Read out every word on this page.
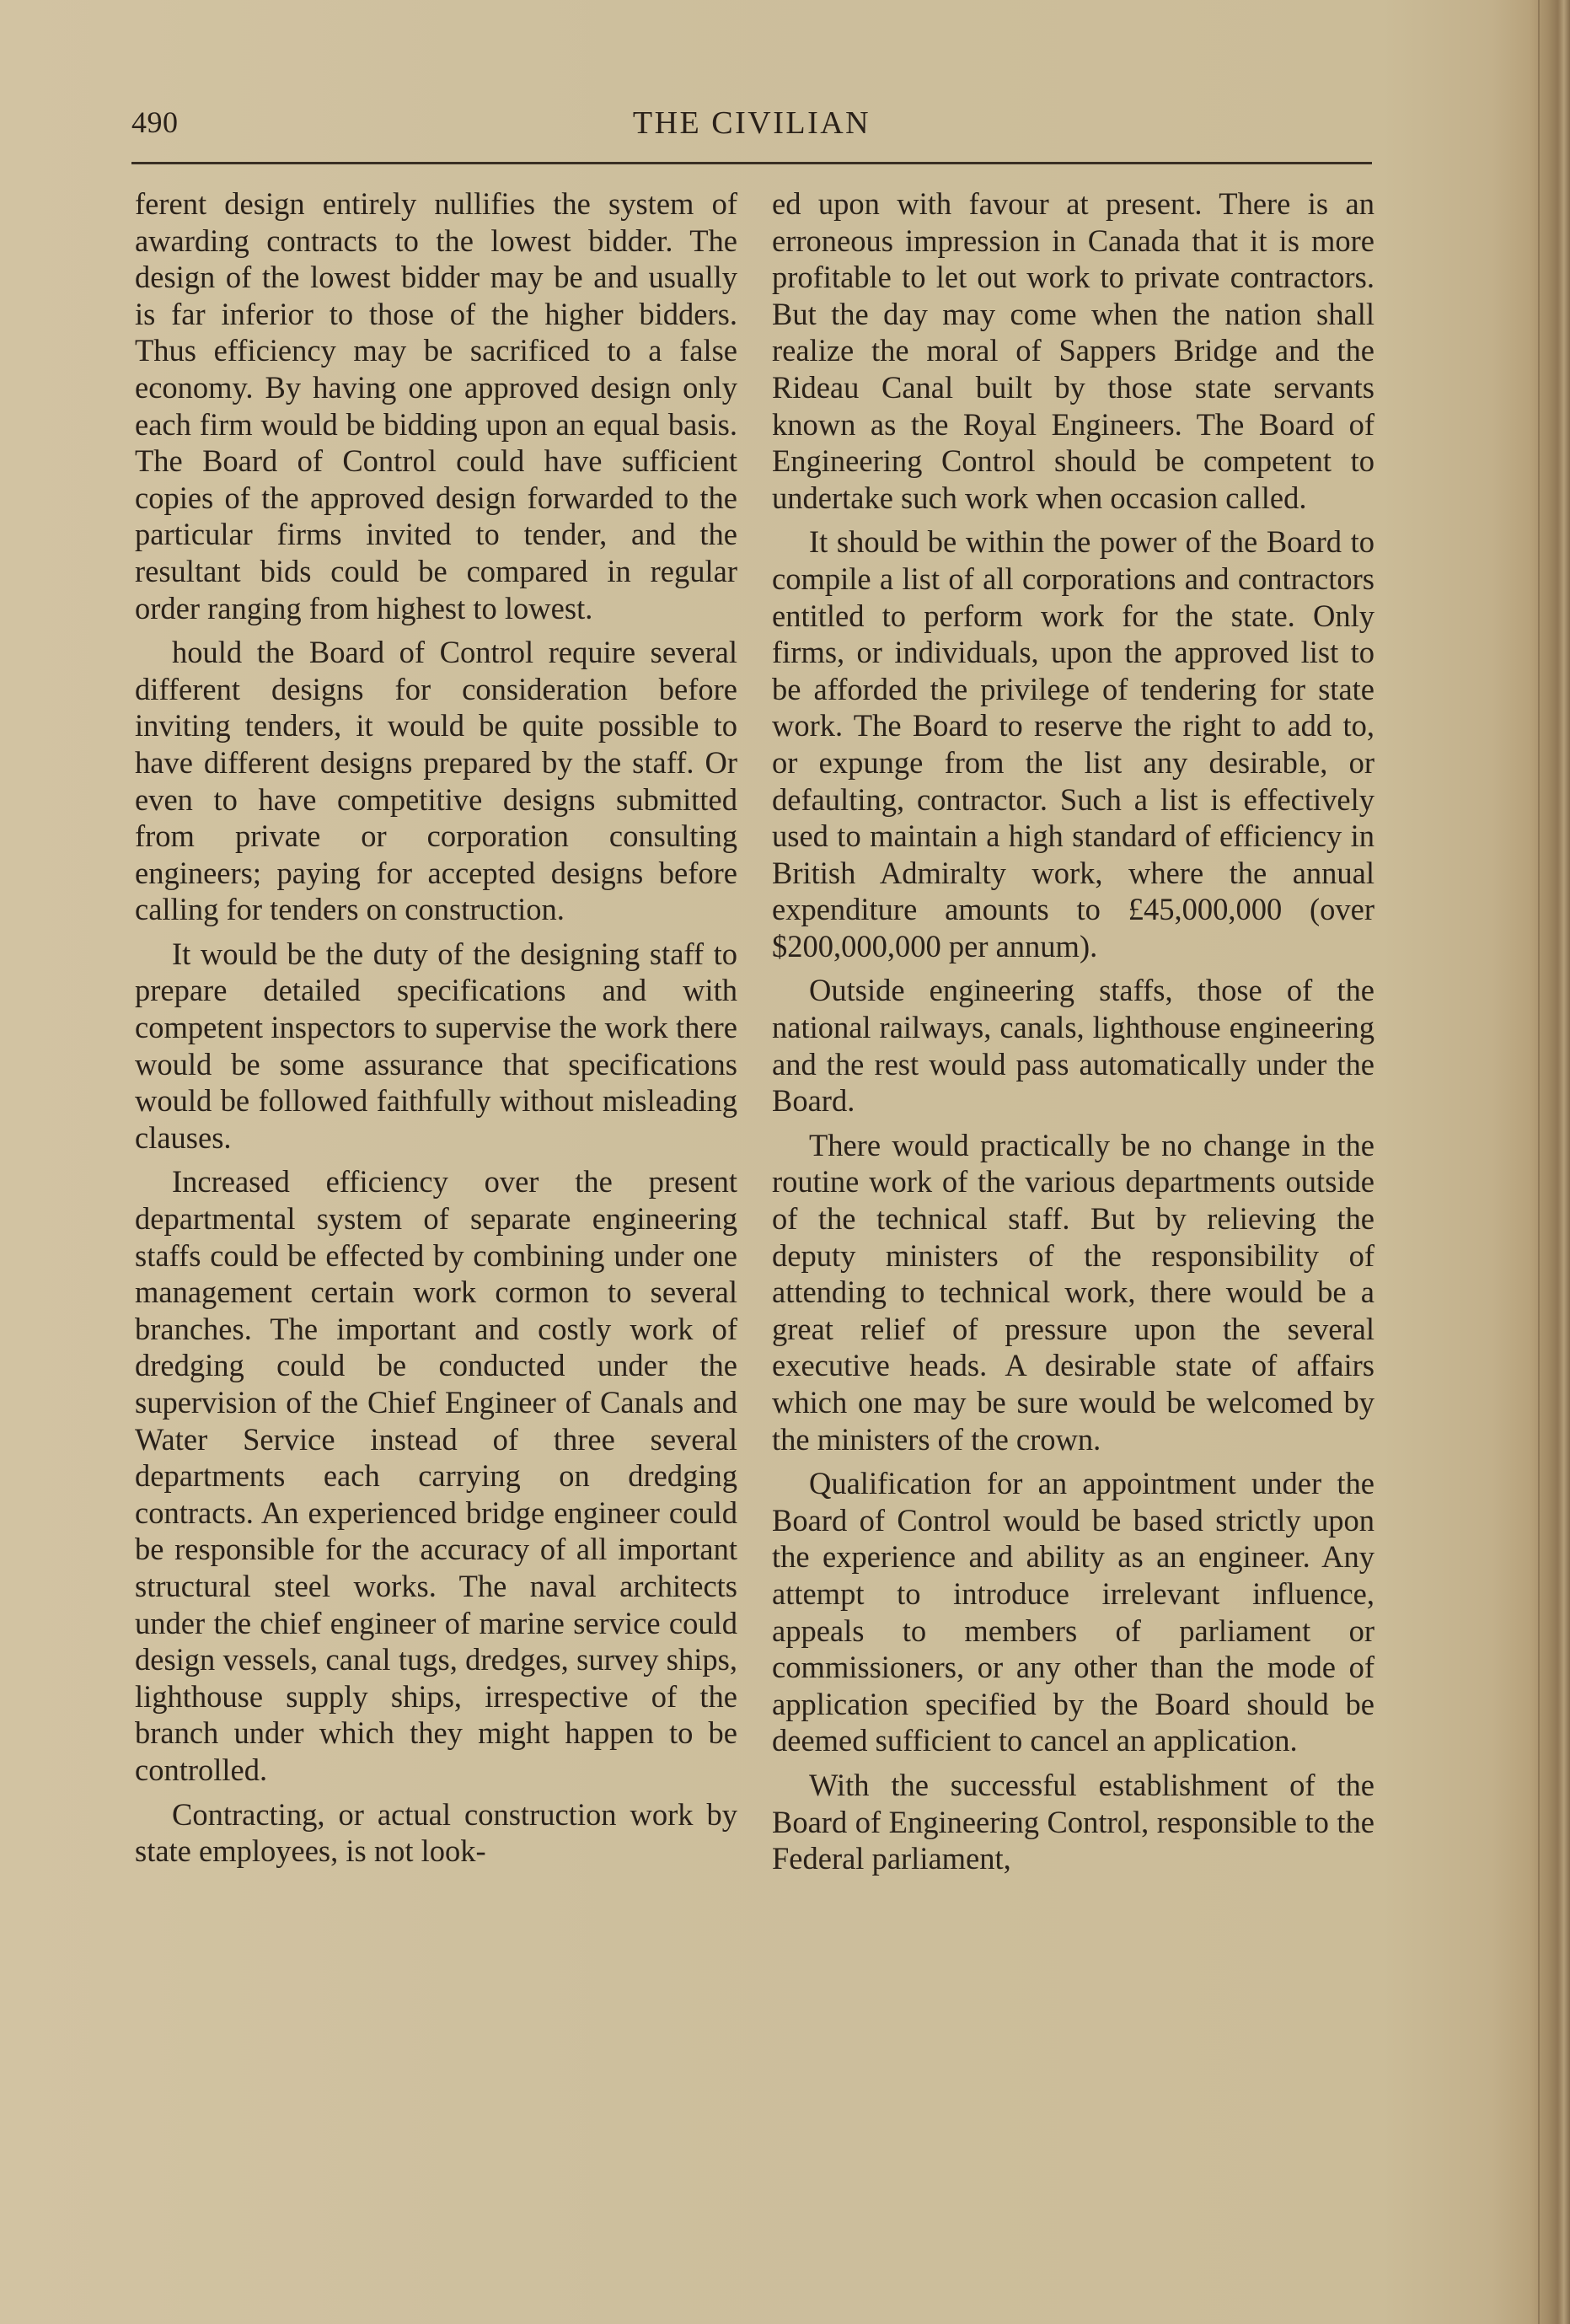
490	THE CIVILIAN

ferent design entirely nullifies the system of awarding contracts to the lowest bidder. The design of the lowest bidder may be and usually is far inferior to those of the higher bidders. Thus efficiency may be sacrificed to a false economy. By having one approved design only each firm would be bidding upon an equal basis. The Board of Control could have sufficient copies of the approved design forwarded to the particular firms invited to tender, and the resultant bids could be compared in regular order ranging from highest to lowest.

hould the Board of Control require several different designs for consideration before inviting tenders, it would be quite possible to have different designs prepared by the staff. Or even to have competitive designs submitted from private or corporation consulting engineers; paying for accepted designs before calling for tenders on construction.

It would be the duty of the designing staff to prepare detailed specifications and with competent inspectors to supervise the work there would be some assurance that specifications would be followed faithfully without misleading clauses.

Increased efficiency over the present departmental system of separate engineering staffs could be effected by combining under one management certain work cormon to several branches. The important and costly work of dredging could be conducted under the supervision of the Chief Engineer of Canals and Water Service instead of three several departments each carrying on dredging contracts. An experienced bridge engineer could be responsible for the accuracy of all important structural steel works. The naval architects under the chief engineer of marine service could design vessels, canal tugs, dredges, survey ships, lighthouse supply ships, irrespective of the branch under which they might happen to be controlled.

Contracting, or actual construction work by state employees, is not look-

ed upon with favour at present. There is an erroneous impression in Canada that it is more profitable to let out work to private contractors. But the day may come when the nation shall realize the moral of Sappers Bridge and the Rideau Canal built by those state servants known as the Royal Engineers. The Board of Engineering Control should be competent to undertake such work when occasion called.

It should be within the power of the Board to compile a list of all corporations and contractors entitled to perform work for the state. Only firms, or individuals, upon the approved list to be afforded the privilege of tendering for state work. The Board to reserve the right to add to, or expunge from the list any desirable, or defaulting, contractor. Such a list is effectively used to maintain a high standard of efficiency in British Admiralty work, where the annual expenditure amounts to £45,000,000 (over $200,000,000 per annum).

Outside engineering staffs, those of the national railways, canals, lighthouse engineering and the rest would pass automatically under the Board.

There would practically be no change in the routine work of the various departments outside of the technical staff. But by relieving the deputy ministers of the responsibility of attending to technical work, there would be a great relief of pressure upon the several executive heads. A desirable state of affairs which one may be sure would be welcomed by the ministers of the crown.

Qualification for an appointment under the Board of Control would be based strictly upon the experience and ability as an engineer. Any attempt to introduce irrelevant influence, appeals to members of parliament or commissioners, or any other than the mode of application specified by the Board should be deemed sufficient to cancel an application.

With the successful establishment of the Board of Engineering Control, responsible to the Federal parliament,
